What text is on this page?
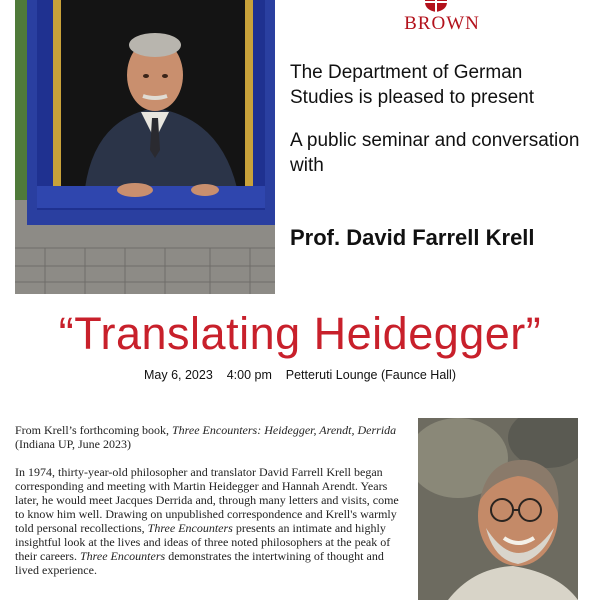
BROWN
The Department of German Studies is pleased to present
A public seminar and conversation with
Prof. David Farrell Krell
“Translating Heidegger”
May 6, 2023 4:00 pm Petteruti Lounge (Faunce Hall)

From Krell’s forthcoming book, Three Encounters: Heidegger, Arendt, Derrida (Indiana UP, June 2023)

In 1974, thirty-year-old philosopher and translator David Farrell Krell began corresponding and meeting with Martin Heidegger and Hannah Arendt. Years later, he would meet Jacques Derrida and, through many letters and visits, come to know him well. Drawing on unpublished correspondence and Krell's warmly told personal recollections, Three Encounters presents an intimate and highly insightful look at the lives and ideas of three noted philosophers at the peak of their careers. Three Encounters demonstrates the intertwining of thought and lived experience.
